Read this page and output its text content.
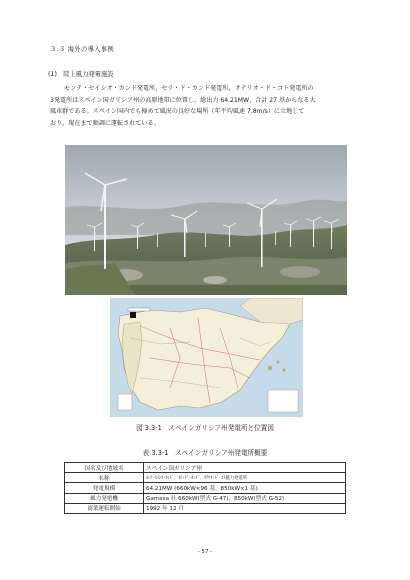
３.３ 海外の導入事例
(1)　陸上風力発電施設
モンテ・セイシオ・カンド発電所、セラ・ド・カンド発電所、オテリオ・ド・コト発電所の
3発電所はスペイン国ガリシア州の高原地帯に位置し、総出力 64.21MW、合計 27 基からなる大
風車群である。スペイン国内でも極めて風況の良好な場所（年平均風速 7.8m/s）に立地して
おり、現在まで順調に運転されている。
図 3.3-1　スペインガリシア州発電所と位置図
表 3.3-1　スペインガリシア州発電所概要
国名及び地域名	スペイン国ガリシア州
名称	ﾓﾝﾃ･ｾｲｼｵ･ｶﾝﾄﾞ、ｾﾗ･ﾄﾞ･ｶﾝﾄﾞ、ｵﾃﾘｵ･ﾄﾞ･ｺﾄ風力発電所
発電規模	64.21MW (660kW×96 基、850kW×1 基)
風力発電機	Gamesa 社 660kW(型式 G-47)、850kW(型式 G-52)
商業運転開始	1992 年 12 月
- 57 -
